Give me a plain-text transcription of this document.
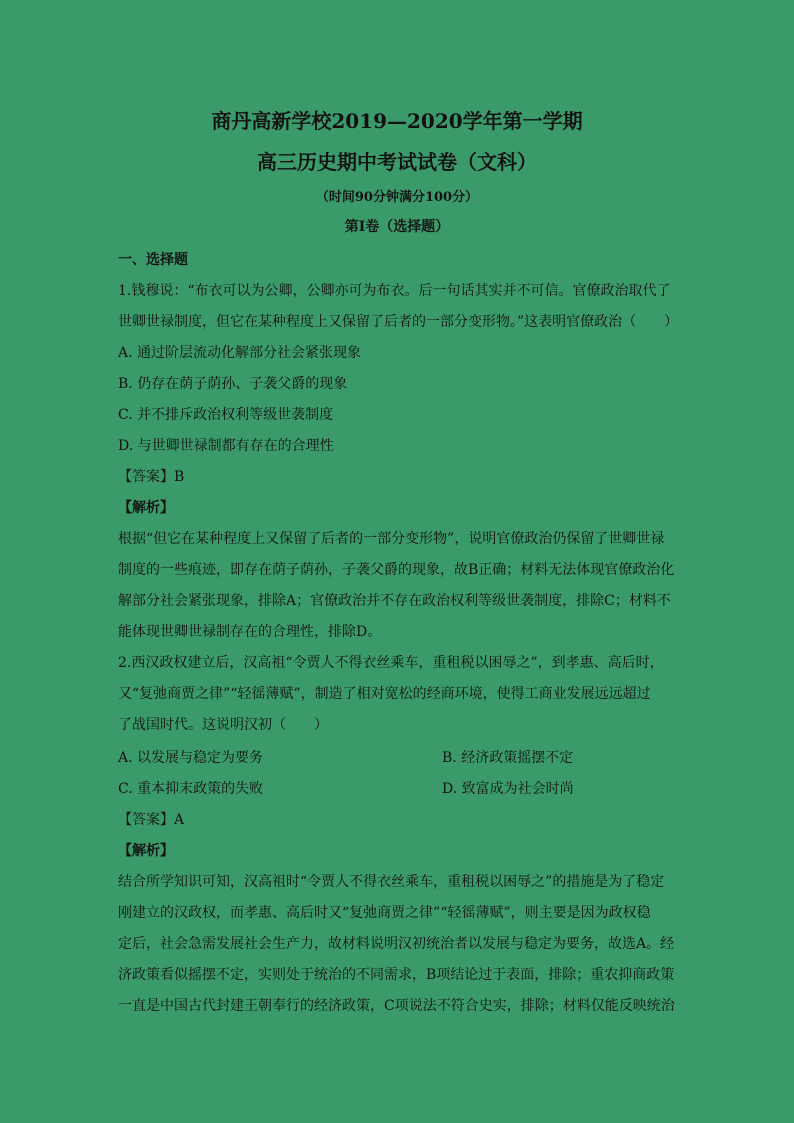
商丹高新学校2019—2020学年第一学期
高三历史期中考试试卷（文科）
（时间90分钟满分100分）
第Ⅰ卷（选择题）
一、选择题
1.钱穆说：“布衣可以为公卿，公卿亦可为布衣。后一句话其实并不可信。官僚政治取代了
世卿世禄制度，但它在某种程度上又保留了后者的一部分变形物。”这表明官僚政治（　　）
A. 通过阶层流动化解部分社会紧张现象
B. 仍存在荫子荫孙、子袭父爵的现象
C. 并不排斥政治权利等级世袭制度
D. 与世卿世禄制都有存在的合理性
【答案】B
【解析】
根据“但它在某种程度上又保留了后者的一部分变形物”，说明官僚政治仍保留了世卿世禄
制度的一些痕迹，即存在荫子荫孙，子袭父爵的现象，故B正确；材料无法体现官僚政治化
解部分社会紧张现象，排除A；官僚政治并不存在政治权利等级世袭制度，排除C；材料不
能体现世卿世禄制存在的合理性，排除D。
2.西汉政权建立后，汉高祖“令贾人不得衣丝乘车，重租税以困辱之”，到孝惠、高后时，
又“复弛商贾之律”“轻徭薄赋”，制造了相对宽松的经商环境，使得工商业发展远远超过
了战国时代。这说明汉初（　　）
A. 以发展与稳定为要务	B. 经济政策摇摆不定
C. 重本抑末政策的失败	D. 致富成为社会时尚
【答案】A
【解析】
结合所学知识可知，汉高祖时“令贾人不得衣丝乘车，重租税以困辱之”的措施是为了稳定
刚建立的汉政权，而孝惠、高后时又“复弛商贾之律”“轻徭薄赋”，则主要是因为政权稳
定后，社会急需发展社会生产力，故材料说明汉初统治者以发展与稳定为要务，故选A。经
济政策看似摇摆不定，实则处于统治的不同需求，B项结论过于表面，排除；重农抑商政策
一直是中国古代封建王朝奉行的经济政策，C项说法不符合史实，排除；材料仅能反映统治
